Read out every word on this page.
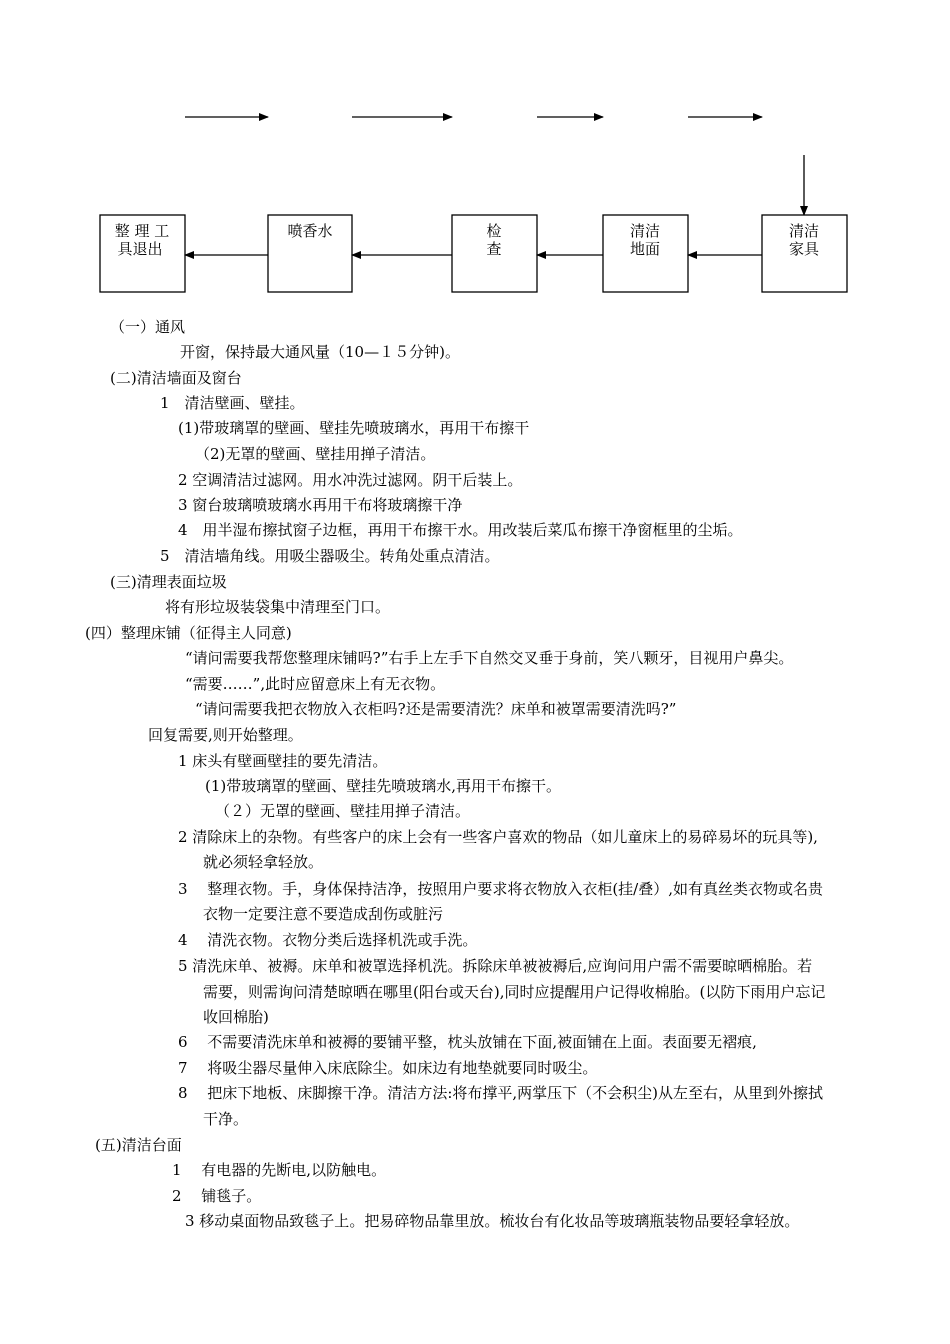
整 理 工
具退出
喷香水	检
查
清洁
地面
清洁
家具
（一）通风
开窗，保持最大通风量（10—１５分钟)。
(二)清洁墙面及窗台
1　清洁壁画、壁挂。
(1)带玻璃罩的壁画、壁挂先喷玻璃水，再用干布擦干
（2)无罩的壁画、壁挂用掸子清洁。
2 空调清洁过滤网。用水冲洗过滤网。阴干后装上。
3 窗台玻璃喷玻璃水再用干布将玻璃擦干净
4　用半湿布擦拭窗子边框，再用干布擦干水。用改装后菜瓜布擦干净窗框里的尘垢。
5　清洁墙角线。用吸尘器吸尘。转角处重点清洁。
(三)清理表面垃圾
将有形垃圾装袋集中清理至门口。
(四）整理床铺（征得主人同意)
“请问需要我帮您整理床铺吗?”右手上左手下自然交叉垂于身前，笑八颗牙，目视用户鼻尖。
“需要……”,此时应留意床上有无衣物。
“请问需要我把衣物放入衣柜吗?还是需要清洗？床单和被罩需要清洗吗?”
回复需要,则开始整理。
1 床头有壁画壁挂的要先清洁。
(1)带玻璃罩的壁画、壁挂先喷玻璃水,再用干布擦干。
（２）无罩的壁画、壁挂用掸子清洁。
2 清除床上的杂物。有些客户的床上会有一些客户喜欢的物品（如儿童床上的易碎易坏的玩具等),
就必须轻拿轻放。
3　 整理衣物。手，身体保持洁净，按照用户要求将衣物放入衣柜(挂/叠）,如有真丝类衣物或名贵
衣物一定要注意不要造成刮伤或脏污
4　 清洗衣物。衣物分类后选择机洗或手洗。
5 清洗床单、被褥。床单和被罩选择机洗。拆除床单被被褥后,应询问用户需不需要晾晒棉胎。若
需要，则需询问清楚晾晒在哪里(阳台或天台),同时应提醒用户记得收棉胎。(以防下雨用户忘记
收回棉胎)
6　 不需要清洗床单和被褥的要铺平整，枕头放铺在下面,被面铺在上面。表面要无褶痕,
7　 将吸尘器尽量伸入床底除尘。如床边有地垫就要同时吸尘。
8　 把床下地板、床脚擦干净。清洁方法:将布撑平,两掌压下（不会积尘)从左至右，从里到外擦拭
干净。
(五)清洁台面
1　 有电器的先断电,以防触电。
2　 铺毯子。
3 移动桌面物品致毯子上。把易碎物品靠里放。梳妆台有化妆品等玻璃瓶装物品要轻拿轻放。
